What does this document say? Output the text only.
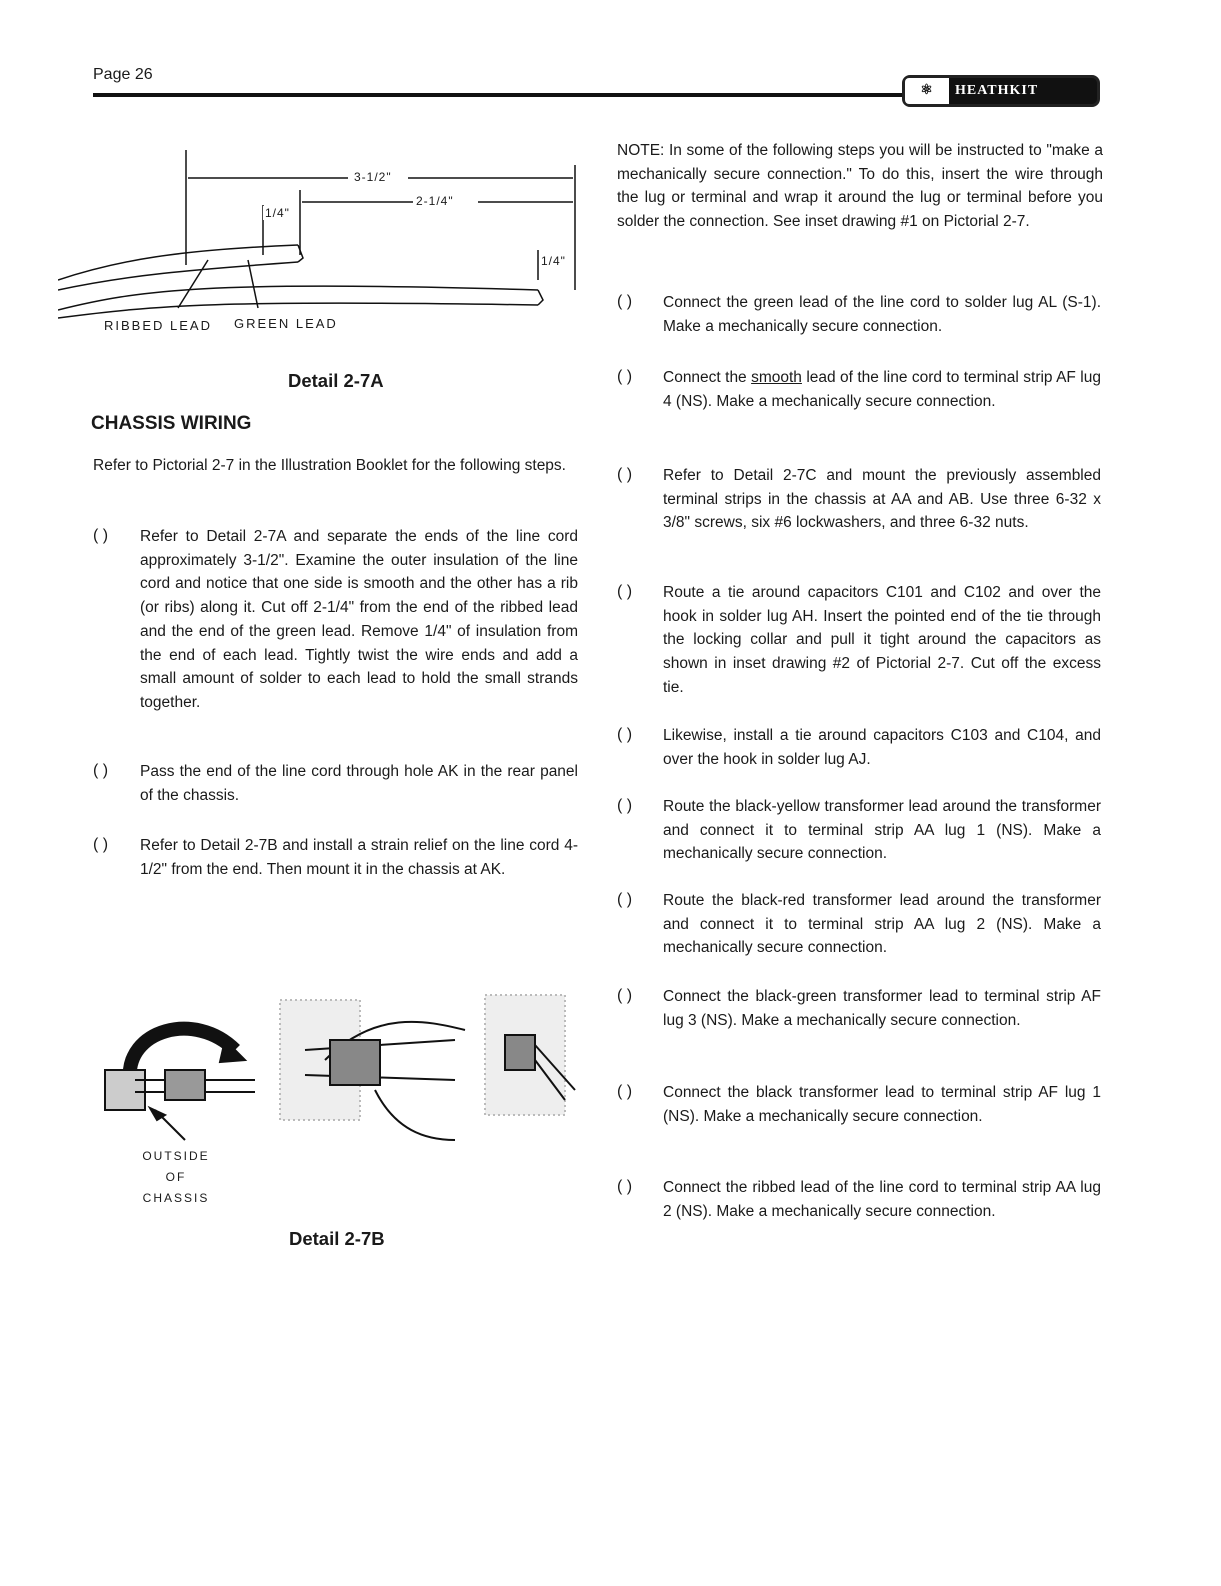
Page 26
⚛	HEATHKIT
3-1/2"
2-1/4"
1/4"
1/4"
RIBBED LEAD GREEN LEAD
Detail 2-7A
CHASSIS WIRING
Refer to Pictorial 2-7 in the Illustration Booklet for the following steps.
( ) Refer to Detail 2-7A and separate the ends of the line cord approximately 3-1/2". Examine the outer insulation of the line cord and notice that one side is smooth and the other has a rib (or ribs) along it. Cut off 2-1/4" from the end of the ribbed lead and the end of the green lead. Remove 1/4" of insulation from the end of each lead. Tightly twist the wire ends and add a small amount of solder to each lead to hold the small strands together.
( ) Pass the end of the line cord through hole AK in the rear panel of the chassis.
( ) Refer to Detail 2-7B and install a strain relief on the line cord 4-1/2" from the end. Then mount it in the chassis at AK.
OUTSIDE OF CHASSIS
Detail 2-7B
NOTE: In some of the following steps you will be instructed to "make a mechanically secure connection." To do this, insert the wire through the lug or terminal and wrap it around the lug or terminal before you solder the connection. See inset drawing #1 on Pictorial 2-7.
( ) Connect the green lead of the line cord to solder lug AL (S-1). Make a mechanically secure connection.
( ) Connect the smooth lead of the line cord to terminal strip AF lug 4 (NS). Make a mechanically secure connection.
( ) Refer to Detail 2-7C and mount the previously assembled terminal strips in the chassis at AA and AB. Use three 6-32 x 3/8" screws, six #6 lockwashers, and three 6-32 nuts.
( ) Route a tie around capacitors C101 and C102 and over the hook in solder lug AH. Insert the pointed end of the tie through the locking collar and pull it tight around the capacitors as shown in inset drawing #2 of Pictorial 2-7. Cut off the excess tie.
( ) Likewise, install a tie around capacitors C103 and C104, and over the hook in solder lug AJ.
( ) Route the black-yellow transformer lead around the transformer and connect it to terminal strip AA lug 1 (NS). Make a mechanically secure connection.
( ) Route the black-red transformer lead around the transformer and connect it to terminal strip AA lug 2 (NS). Make a mechanically secure connection.
( ) Connect the black-green transformer lead to terminal strip AF lug 3 (NS). Make a mechanically secure connection.
( ) Connect the black transformer lead to terminal strip AF lug 1 (NS). Make a mechanically secure connection.
( ) Connect the ribbed lead of the line cord to terminal strip AA lug 2 (NS). Make a mechanically secure connection.
